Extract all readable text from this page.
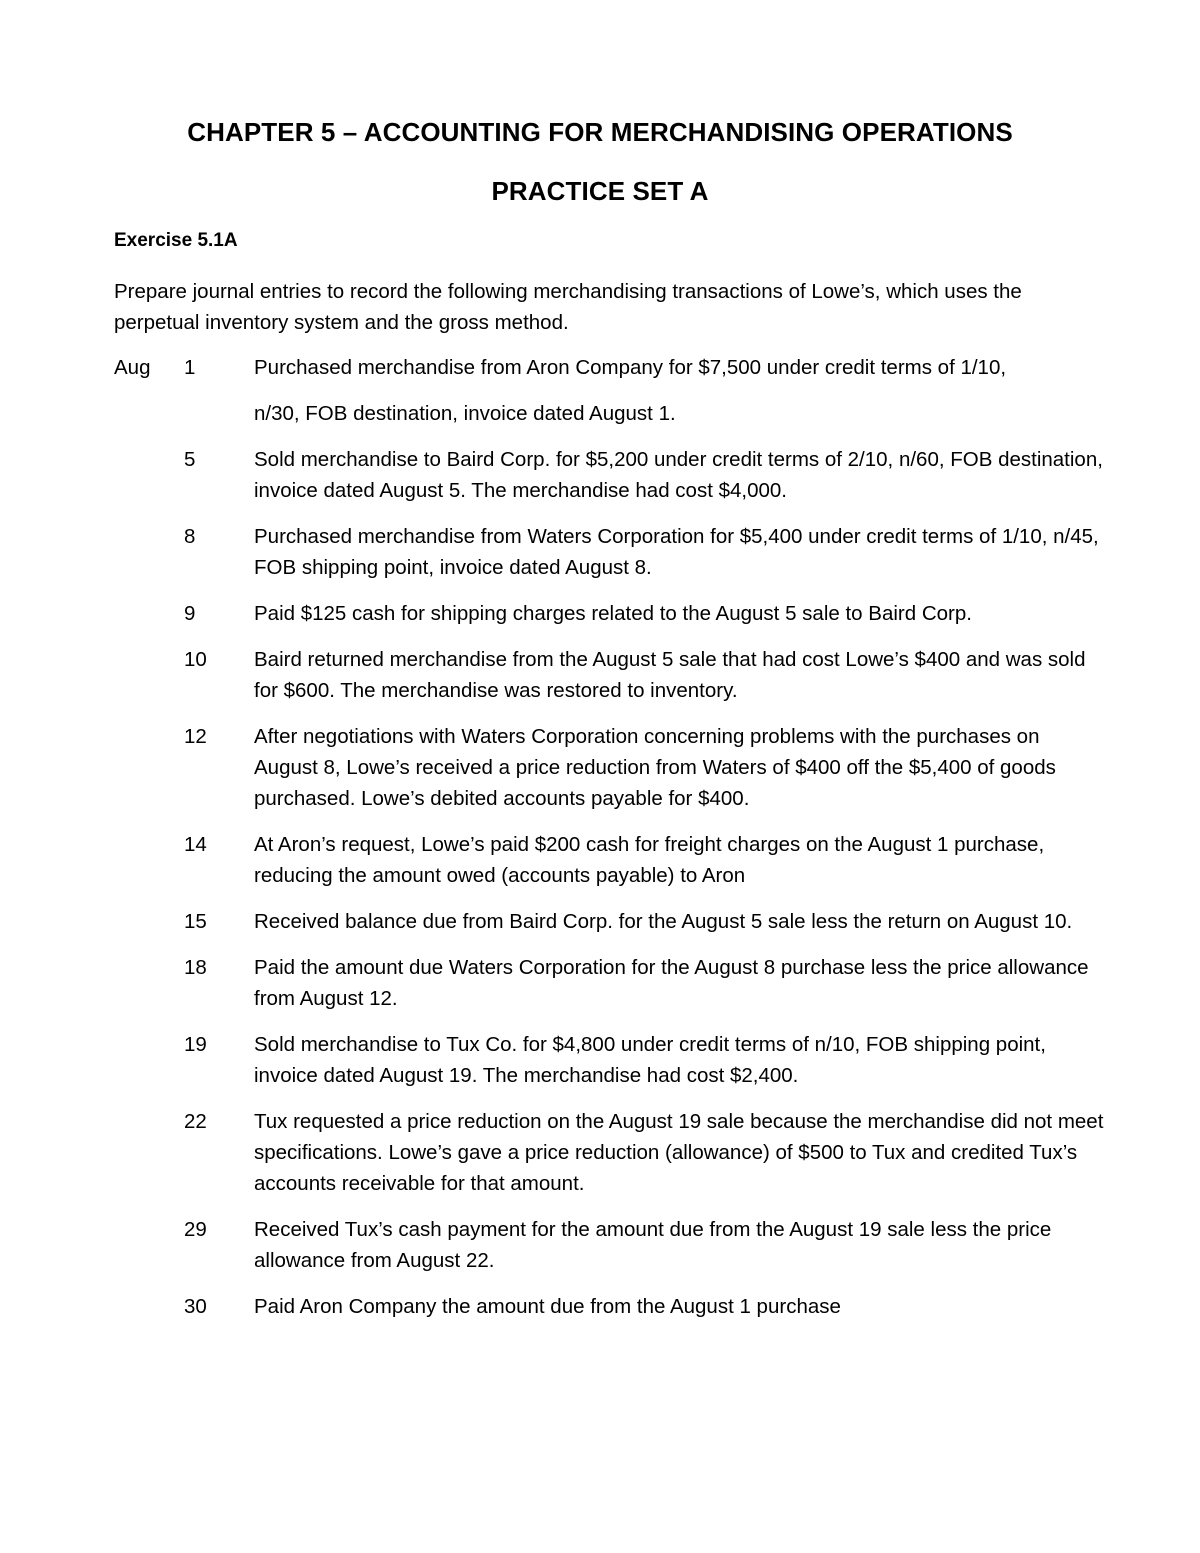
CHAPTER 5 – ACCOUNTING FOR MERCHANDISING OPERATIONS
PRACTICE SET A
Exercise 5.1A
Prepare journal entries to record the following merchandising transactions of Lowe’s, which uses the perpetual inventory system and the gross method.
Aug	1	Purchased merchandise from Aron Company for $7,500 under credit terms of 1/10,
n/30, FOB destination, invoice dated August 1.
5	Sold merchandise to Baird Corp. for $5,200 under credit terms of 2/10, n/60, FOB destination, invoice dated August 5. The merchandise had cost $4,000.
8	Purchased merchandise from Waters Corporation for $5,400 under credit terms of 1/10, n/45, FOB shipping point, invoice dated August 8.
9	Paid $125 cash for shipping charges related to the August 5 sale to Baird Corp.
10	Baird returned merchandise from the August 5 sale that had cost Lowe’s $400 and was sold for $600. The merchandise was restored to inventory.
12	After negotiations with Waters Corporation concerning problems with the purchases on August 8, Lowe’s received a price reduction from Waters of $400 off the $5,400 of goods purchased. Lowe’s debited accounts payable for $400.
14	At Aron’s request, Lowe’s paid $200 cash for freight charges on the August 1 purchase, reducing the amount owed (accounts payable) to Aron
15	Received balance due from Baird Corp. for the August 5 sale less the return on August 10.
18	Paid the amount due Waters Corporation for the August 8 purchase less the price allowance from August 12.
19	Sold merchandise to Tux Co. for $4,800 under credit terms of n/10, FOB shipping point, invoice dated August 19. The merchandise had cost $2,400.
22	Tux requested a price reduction on the August 19 sale because the merchandise did not meet specifications. Lowe’s gave a price reduction (allowance) of $500 to Tux and credited Tux’s accounts receivable for that amount.
29	Received Tux’s cash payment for the amount due from the August 19 sale less the price allowance from August 22.
30	Paid Aron Company the amount due from the August 1 purchase
